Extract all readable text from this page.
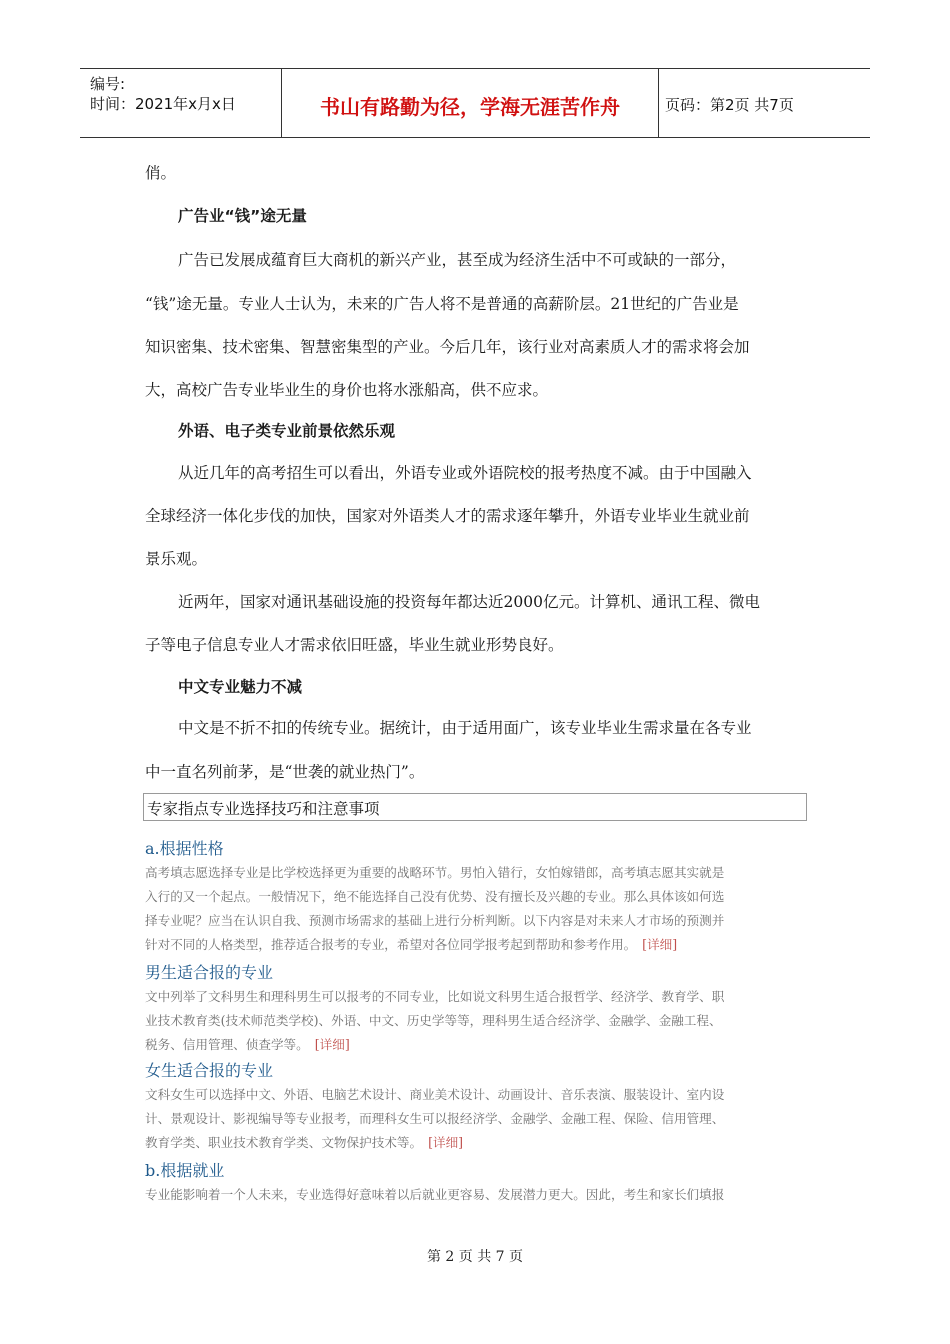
编号:
时间：2021年x月x日	书山有路勤为径，学海无涯苦作舟	页码：第2页 共7页
俏。
广告业“钱”途无量
广告已发展成蕴育巨大商机的新兴产业，甚至成为经济生活中不可或缺的一部分，
“钱”途无量。专业人士认为，未来的广告人将不是普通的高薪阶层。21世纪的广告业是
知识密集、技术密集、智慧密集型的产业。今后几年，该行业对高素质人才的需求将会加
大，高校广告专业毕业生的身价也将水涨船高，供不应求。
外语、电子类专业前景依然乐观
从近几年的高考招生可以看出，外语专业或外语院校的报考热度不减。由于中国融入
全球经济一体化步伐的加快，国家对外语类人才的需求逐年攀升，外语专业毕业生就业前
景乐观。
近两年，国家对通讯基础设施的投资每年都达近2000亿元。计算机、通讯工程、微电
子等电子信息专业人才需求依旧旺盛，毕业生就业形势良好。
中文专业魅力不减
中文是不折不扣的传统专业。据统计，由于适用面广，该专业毕业生需求量在各专业
中一直名列前茅，是“世袭的就业热门”。
专家指点专业选择技巧和注意事项
a.根据性格
高考填志愿选择专业是比学校选择更为重要的战略环节。男怕入错行，女怕嫁错郎，高考填志愿其实就是
入行的又一个起点。一般情况下，绝不能选择自己没有优势、没有擅长及兴趣的专业。那么具体该如何选
择专业呢？应当在认识自我、预测市场需求的基础上进行分析判断。以下内容是对未来人才市场的预测并
针对不同的人格类型，推荐适合报考的专业，希望对各位同学报考起到帮助和参考作用。 [详细]
男生适合报的专业
文中列举了文科男生和理科男生可以报考的不同专业，比如说文科男生适合报哲学、经济学、教育学、职
业技术教育类(技术师范类学校)、外语、中文、历史学等等，理科男生适合经济学、金融学、金融工程、
税务、信用管理、侦查学等。 [详细]
女生适合报的专业
文科女生可以选择中文、外语、电脑艺术设计、商业美术设计、动画设计、音乐表演、服装设计、室内设
计、景观设计、影视编导等专业报考，而理科女生可以报经济学、金融学、金融工程、保险、信用管理、
教育学类、职业技术教育学类、文物保护技术等。 [详细]
b.根据就业
专业能影响着一个人未来，专业选得好意味着以后就业更容易、发展潜力更大。因此，考生和家长们填报
第 2 页 共 7 页
